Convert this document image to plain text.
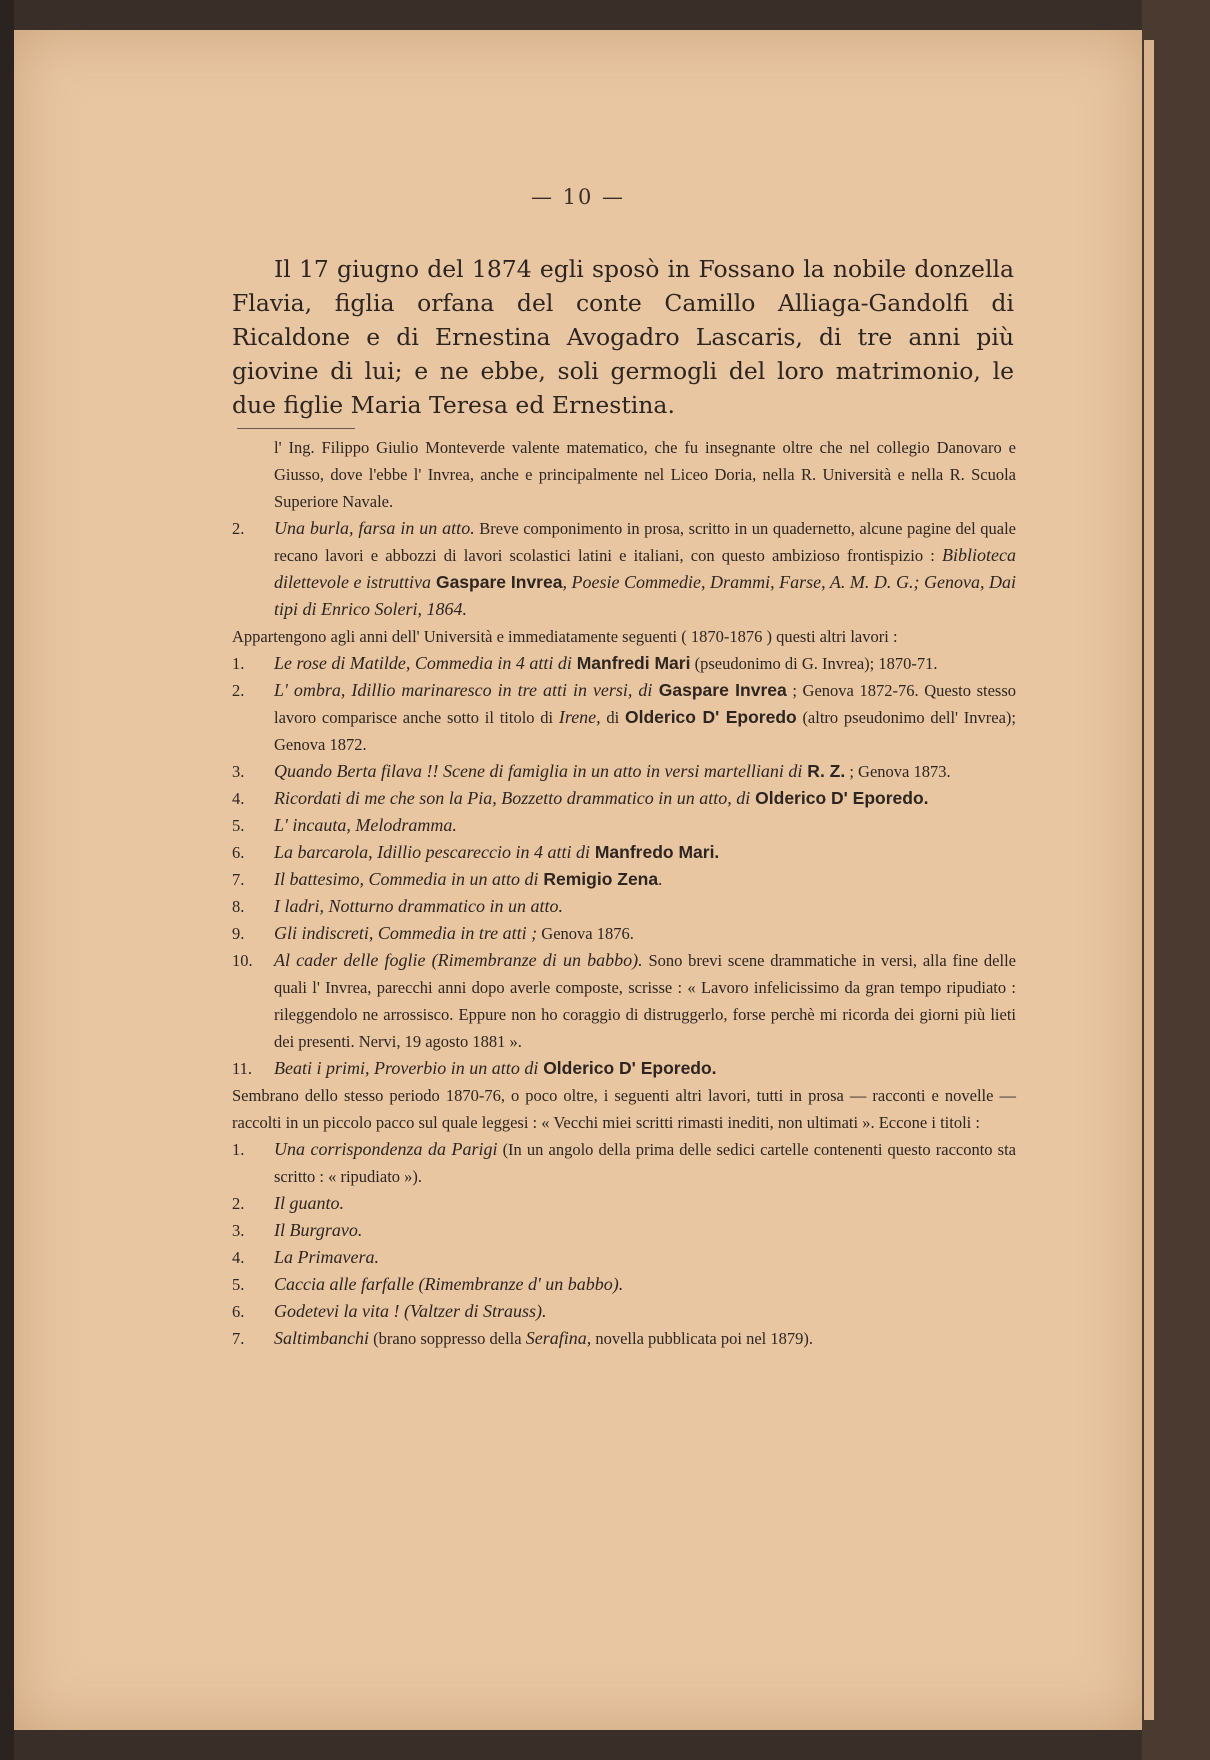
— 10 —

Il 17 giugno del 1874 egli sposò in Fossano la nobile donzella Flavia, figlia orfana del conte Camillo Alliaga-Gandolfi di Ricaldone e di Ernestina Avogadro Lascaris, di tre anni più giovine di lui; e ne ebbe, soli germogli del loro matrimonio, le due figlie Maria Teresa ed Ernestina.

l' Ing. Filippo Giulio Monteverde valente matematico, che fu insegnante oltre che nel collegio Danovaro e Giusso, dove l'ebbe l' Invrea, anche e principalmente nel Liceo Doria, nella R. Università e nella R. Scuola Superiore Navale.

2. Una burla, farsa in un atto. Breve componimento in prosa, scritto in un quadernetto, alcune pagine del quale recano lavori e abbozzi di lavori scolastici latini e italiani, con questo ambizioso frontispizio : Biblioteca dilettevole e istruttiva Gaspare Invrea, Poesie Commedie, Drammi, Farse, A. M. D. G.; Genova, Dai tipi di Enrico Soleri, 1864.

Appartengono agli anni dell' Università e immediatamente seguenti ( 1870-1876 ) questi altri lavori :

1. Le rose di Matilde, Commedia in 4 atti di Manfredi Mari (pseudonimo di G. Invrea); 1870-71.

2. L' ombra, Idillio marinaresco in tre atti in versi, di Gaspare Invrea ; Genova 1872-76. Questo stesso lavoro comparisce anche sotto il titolo di Irene, di Olderico D' Eporedo (altro pseudonimo dell' Invrea); Genova 1872.

3. Quando Berta filava !! Scene di famiglia in un atto in versi martelliani di R. Z. ; Genova 1873.

4. Ricordati di me che son la Pia, Bozzetto drammatico in un atto, di Olderico D' Eporedo.

5. L' incauta, Melodramma.

6. La barcarola, Idillio pescareccio in 4 atti di Manfredo Mari.

7. Il battesimo, Commedia in un atto di Remigio Zena.

8. I ladri, Notturno drammatico in un atto.

9. Gli indiscreti, Commedia in tre atti ; Genova 1876.

10. Al cader delle foglie (Rimembranze di un babbo). Sono brevi scene drammatiche in versi, alla fine delle quali l' Invrea, parecchi anni dopo averle composte, scrisse : « Lavoro infelicissimo da gran tempo ripudiato : rileggendolo ne arrossisco. Eppure non ho coraggio di distruggerlo, forse perchè mi ricorda dei giorni più lieti dei presenti. Nervi, 19 agosto 1881 ».

11. Beati i primi, Proverbio in un atto di Olderico D' Eporedo.

Sembrano dello stesso periodo 1870-76, o poco oltre, i seguenti altri lavori, tutti in prosa — racconti e novelle — raccolti in un piccolo pacco sul quale leggesi : « Vecchi miei scritti rimasti inediti, non ultimati ». Eccone i titoli :

1. Una corrispondenza da Parigi (In un angolo della prima delle sedici cartelle contenenti questo racconto sta scritto : « ripudiato »).

2. Il guanto.

3. Il Burgravo.

4. La Primavera.

5. Caccia alle farfalle (Rimembranze d' un babbo).

6. Godetevi la vita ! (Valtzer di Strauss).

7. Saltimbanchi (brano soppresso della Serafina, novella pubblicata poi nel 1879).
